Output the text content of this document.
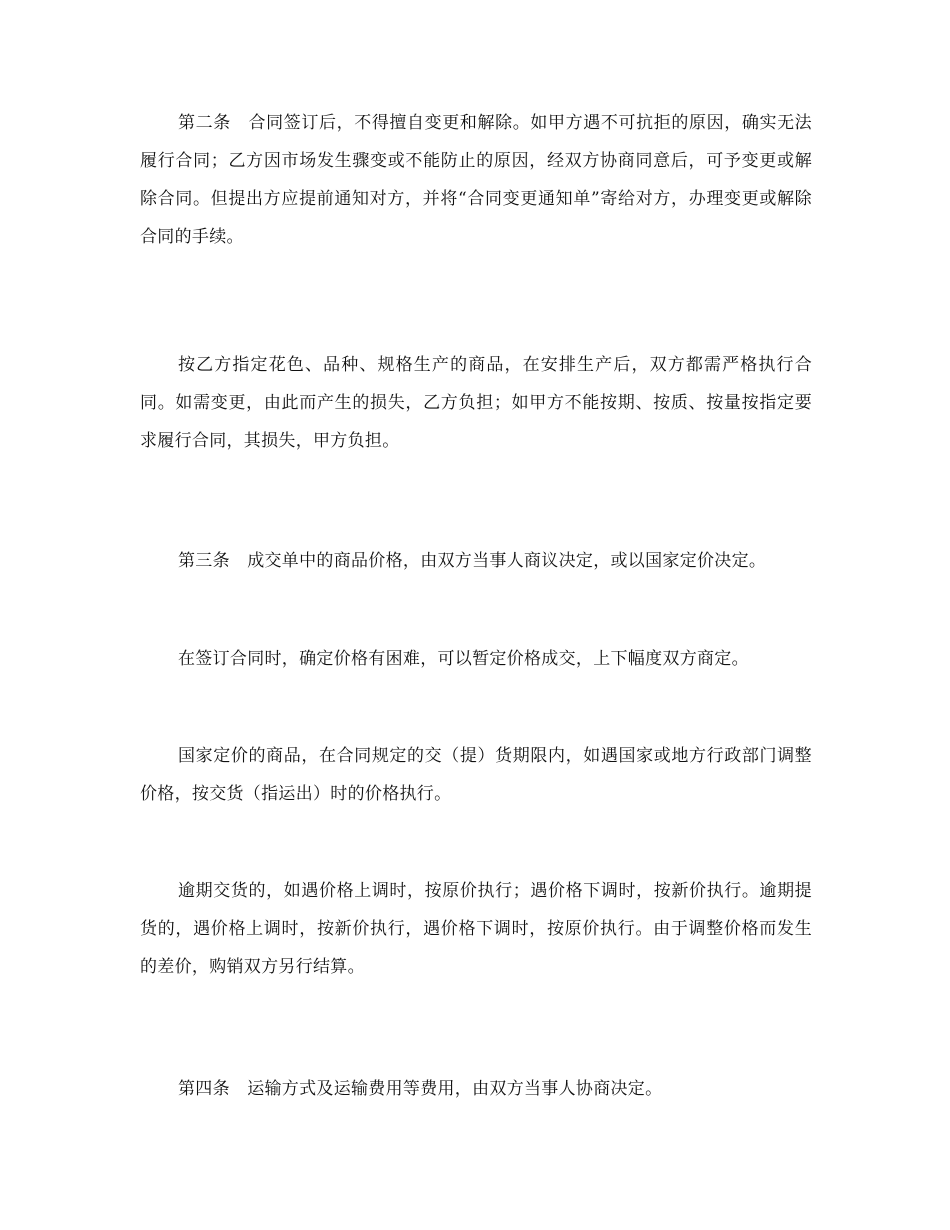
第二条　合同签订后，不得擅自变更和解除。如甲方遇不可抗拒的原因，确实无法履行合同；乙方因市场发生骤变或不能防止的原因，经双方协商同意后，可予变更或解除合同。但提出方应提前通知对方，并将“合同变更通知单”寄给对方，办理变更或解除合同的手续。

按乙方指定花色、品种、规格生产的商品，在安排生产后，双方都需严格执行合同。如需变更，由此而产生的损失，乙方负担；如甲方不能按期、按质、按量按指定要求履行合同，其损失，甲方负担。

第三条　成交单中的商品价格，由双方当事人商议决定，或以国家定价决定。

在签订合同时，确定价格有困难，可以暂定价格成交，上下幅度双方商定。

国家定价的商品，在合同规定的交（提）货期限内，如遇国家或地方行政部门调整价格，按交货（指运出）时的价格执行。

逾期交货的，如遇价格上调时，按原价执行；遇价格下调时，按新价执行。逾期提货的，遇价格上调时，按新价执行，遇价格下调时，按原价执行。由于调整价格而发生的差价，购销双方另行结算。

第四条　运输方式及运输费用等费用，由双方当事人协商决定。
